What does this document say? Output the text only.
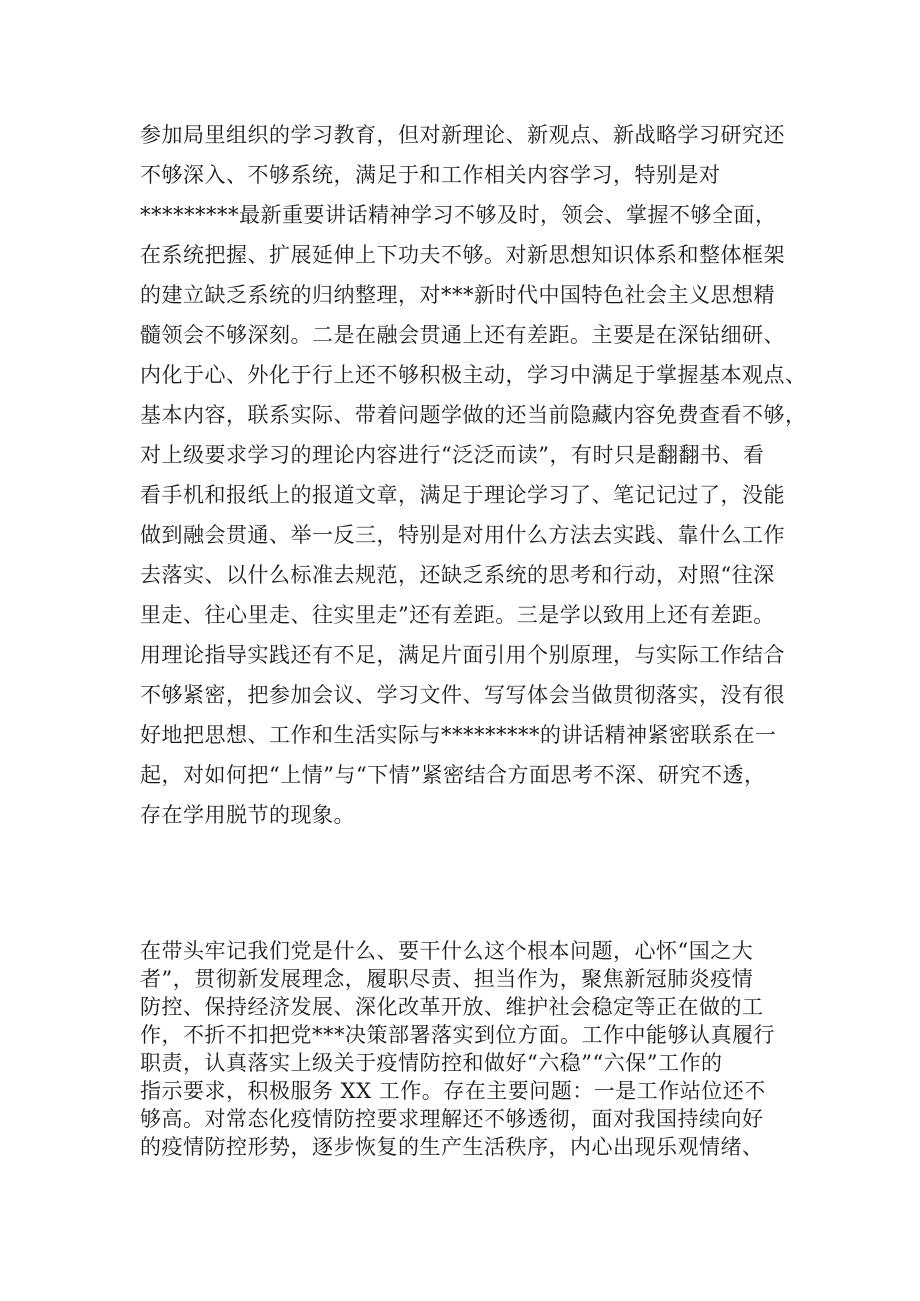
参加局里组织的学习教育，但对新理论、新观点、新战略学习研究还
不够深入、不够系统，满足于和工作相关内容学习，特别是对
*********最新重要讲话精神学习不够及时，领会、掌握不够全面，
在系统把握、扩展延伸上下功夫不够。对新思想知识体系和整体框架
的建立缺乏系统的归纳整理，对***新时代中国特色社会主义思想精
髓领会不够深刻。二是在融会贯通上还有差距。主要是在深钻细研、
内化于心、外化于行上还不够积极主动，学习中满足于掌握基本观点、
基本内容，联系实际、带着问题学做的还当前隐藏内容免费查看不够，
对上级要求学习的理论内容进行“泛泛而读”，有时只是翻翻书、看
看手机和报纸上的报道文章，满足于理论学习了、笔记记过了，没能
做到融会贯通、举一反三，特别是对用什么方法去实践、靠什么工作
去落实、以什么标准去规范，还缺乏系统的思考和行动，对照“往深
里走、往心里走、往实里走”还有差距。三是学以致用上还有差距。
用理论指导实践还有不足，满足片面引用个别原理，与实际工作结合
不够紧密，把参加会议、学习文件、写写体会当做贯彻落实，没有很
好地把思想、工作和生活实际与*********的讲话精神紧密联系在一
起，对如何把“上情”与“下情”紧密结合方面思考不深、研究不透，
存在学用脱节的现象。
在带头牢记我们党是什么、要干什么这个根本问题，心怀“国之大
者”，贯彻新发展理念，履职尽责、担当作为，聚焦新冠肺炎疫情
防控、保持经济发展、深化改革开放、维护社会稳定等正在做的工
作，不折不扣把党***决策部署落实到位方面。工作中能够认真履行
职责，认真落实上级关于疫情防控和做好“六稳”“六保”工作的
指示要求，积极服务 XX 工作。存在主要问题：一是工作站位还不
够高。对常态化疫情防控要求理解还不够透彻，面对我国持续向好
的疫情防控形势，逐步恢复的生产生活秩序，内心出现乐观情绪、
